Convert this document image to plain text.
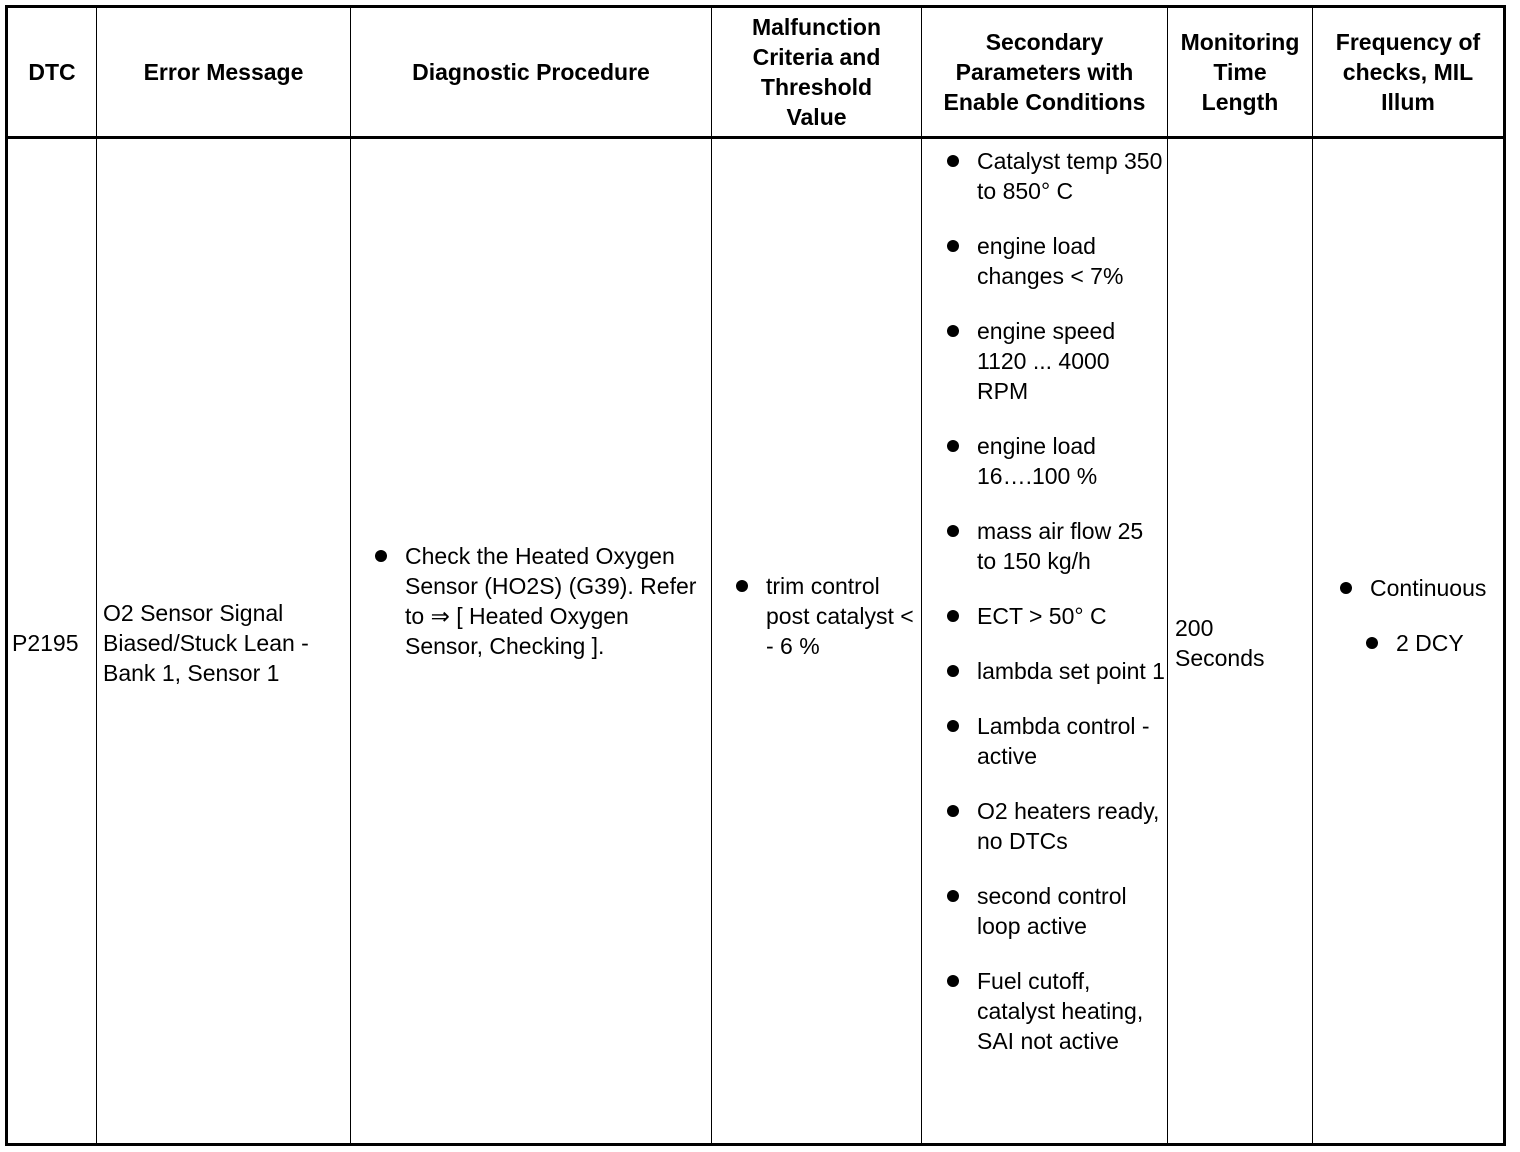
DTC	Error Message	Diagnostic Procedure
Malfunction
Criteria and
Threshold
Value
Secondary
Parameters with
Enable Conditions
Monitoring
Time
Length
Frequency of
checks, MIL
Illum
P2195
O2 Sensor Signal Biased/Stuck Lean - Bank 1, Sensor 1
Check the Heated Oxygen Sensor (HO2S) (G39). Refer to ⇒ [ Heated Oxygen Sensor, Checking ].
trim control post catalyst < - 6 %
Catalyst temp 350 to 850° C
engine load changes < 7%
engine speed 1120 ... 4000 RPM
engine load 16….100 %
mass air flow 25 to 150 kg/h
ECT > 50° C
lambda set point 1
Lambda control - active
O2 heaters ready, no DTCs
second control loop active
Fuel cutoff, catalyst heating, SAI not active
200 Seconds
Continuous
2 DCY
